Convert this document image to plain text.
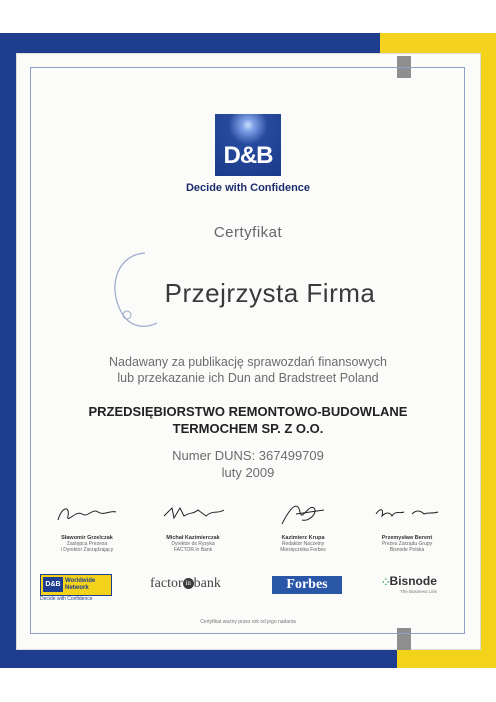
D&B
Decide with Confidence
Certyfikat
Przejrzysta Firma
Nadawany za publikację sprawozdań finansowych
lub przekazanie ich Dun and Bradstreet Poland
PRZEDSIĘBIORSTWO REMONTOWO-BUDOWLANE
TERMOCHEM SP. Z O.O.
Numer DUNS: 367499709
luty 2009
Sławomir Grzelczak
Zastępca Prezesa
i Dyrektor Zarządzający
Michał Kazimierczak
Dyrektor ds Ryzyka
FACTOR in Bank
Kazimierz Krupa
Redaktor Naczelny
Miesięcznika Forbes
Przemysław Berent
Prezes Zarządu Grupy
Bisnode Polska
D&B Worldwide
Network
Decide with Confidence
factor in bank	Forbes	⁘Bisnode
The Business Link
Certyfikat ważny przez rok od jego nadania
